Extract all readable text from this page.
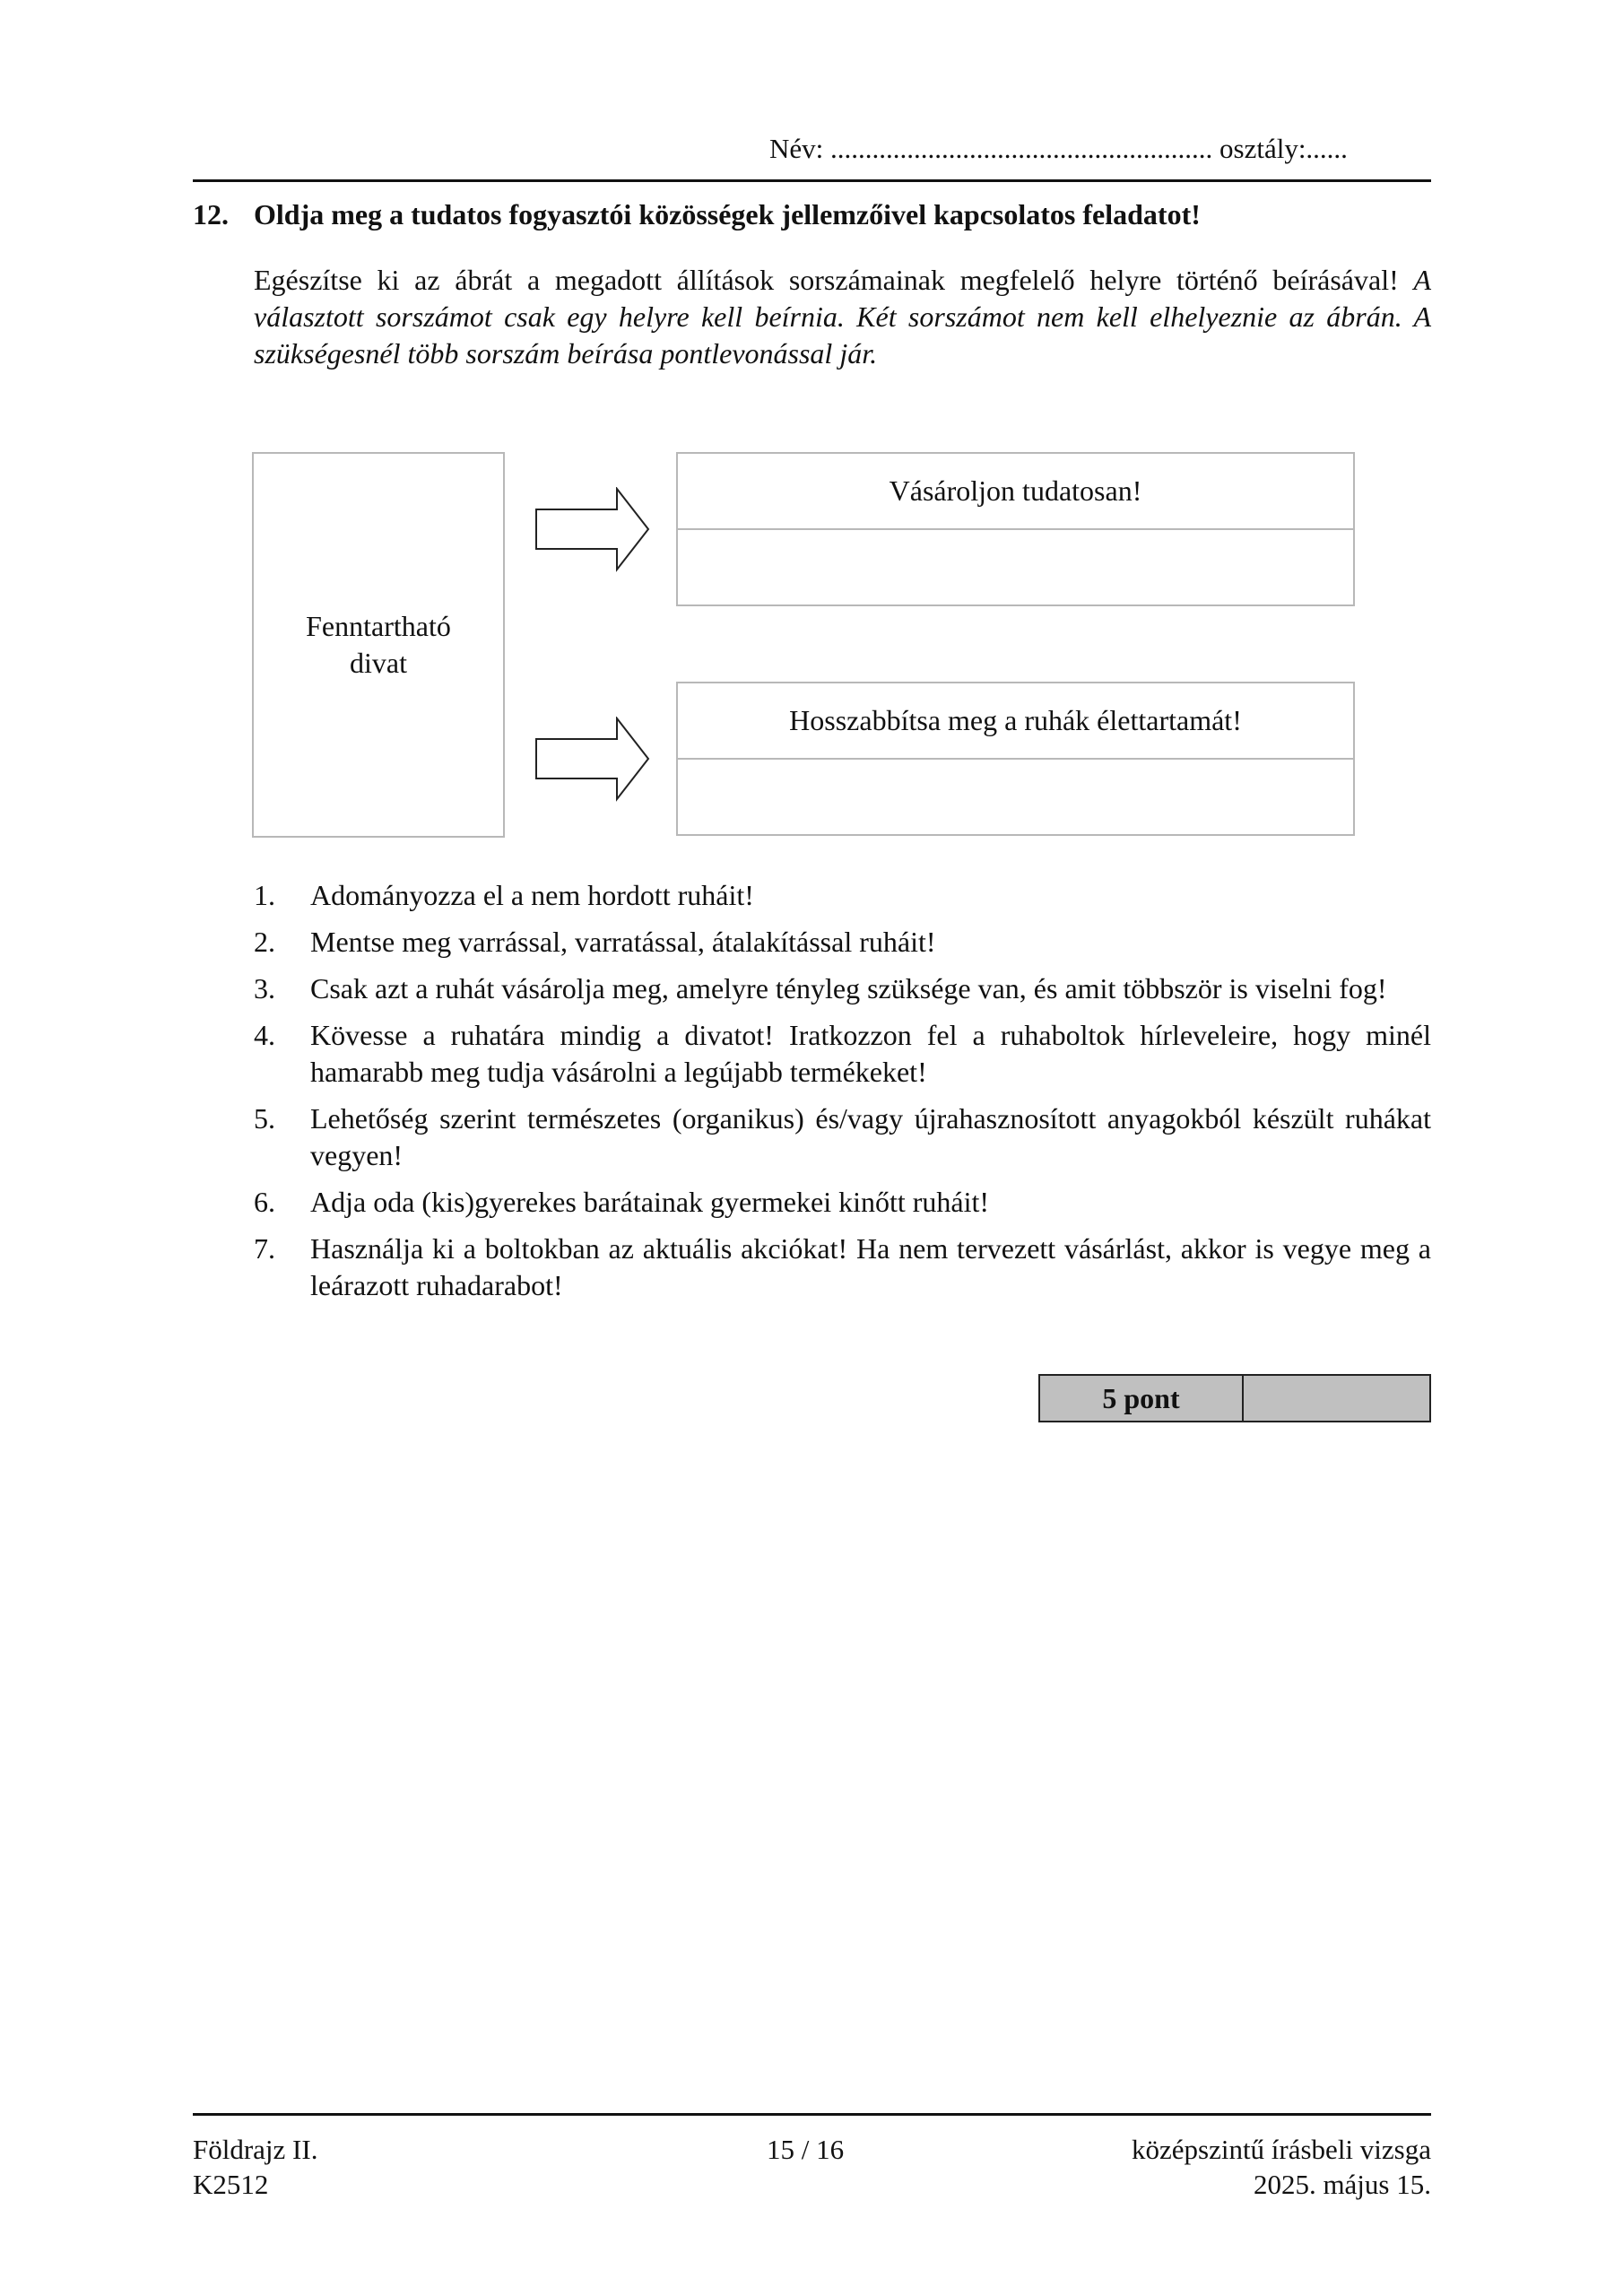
Név: ....................................................... osztály:......
12. Oldja meg a tudatos fogyasztói közösségek jellemzőivel kapcsolatos feladatot!
Egészítse ki az ábrát a megadott állítások sorszámainak megfelelő helyre történő beírásával! A választott sorszámot csak egy helyre kell beírnia. Két sorszámot nem kell elhelyeznie az ábrán. A szükségesnél több sorszám beírása pontlevonással jár.
Fenntartható
divat
Vásároljon tudatosan!
Hosszabbítsa meg a ruhák élettartamát!
1.	Adományozza el a nem hordott ruháit!
2.	Mentse meg varrással, varratással, átalakítással ruháit!
3.	Csak azt a ruhát vásárolja meg, amelyre tényleg szüksége van, és amit többször is viselni fog!
4.	Kövesse a ruhatára mindig a divatot! Iratkozzon fel a ruhaboltok hírleveleire, hogy minél hamarabb meg tudja vásárolni a legújabb termékeket!
5.	Lehetőség szerint természetes (organikus) és/vagy újrahasznosított anyagokból készült ruhákat vegyen!
6.	Adja oda (kis)gyerekes barátainak gyermekei kinőtt ruháit!
7.	Használja ki a boltokban az aktuális akciókat! Ha nem tervezett vásárlást, akkor is vegye meg a leárazott ruhadarabot!
5 pont
Földrajz II.
K2512
15 / 16	középszintű írásbeli vizsga
2025. május 15.
